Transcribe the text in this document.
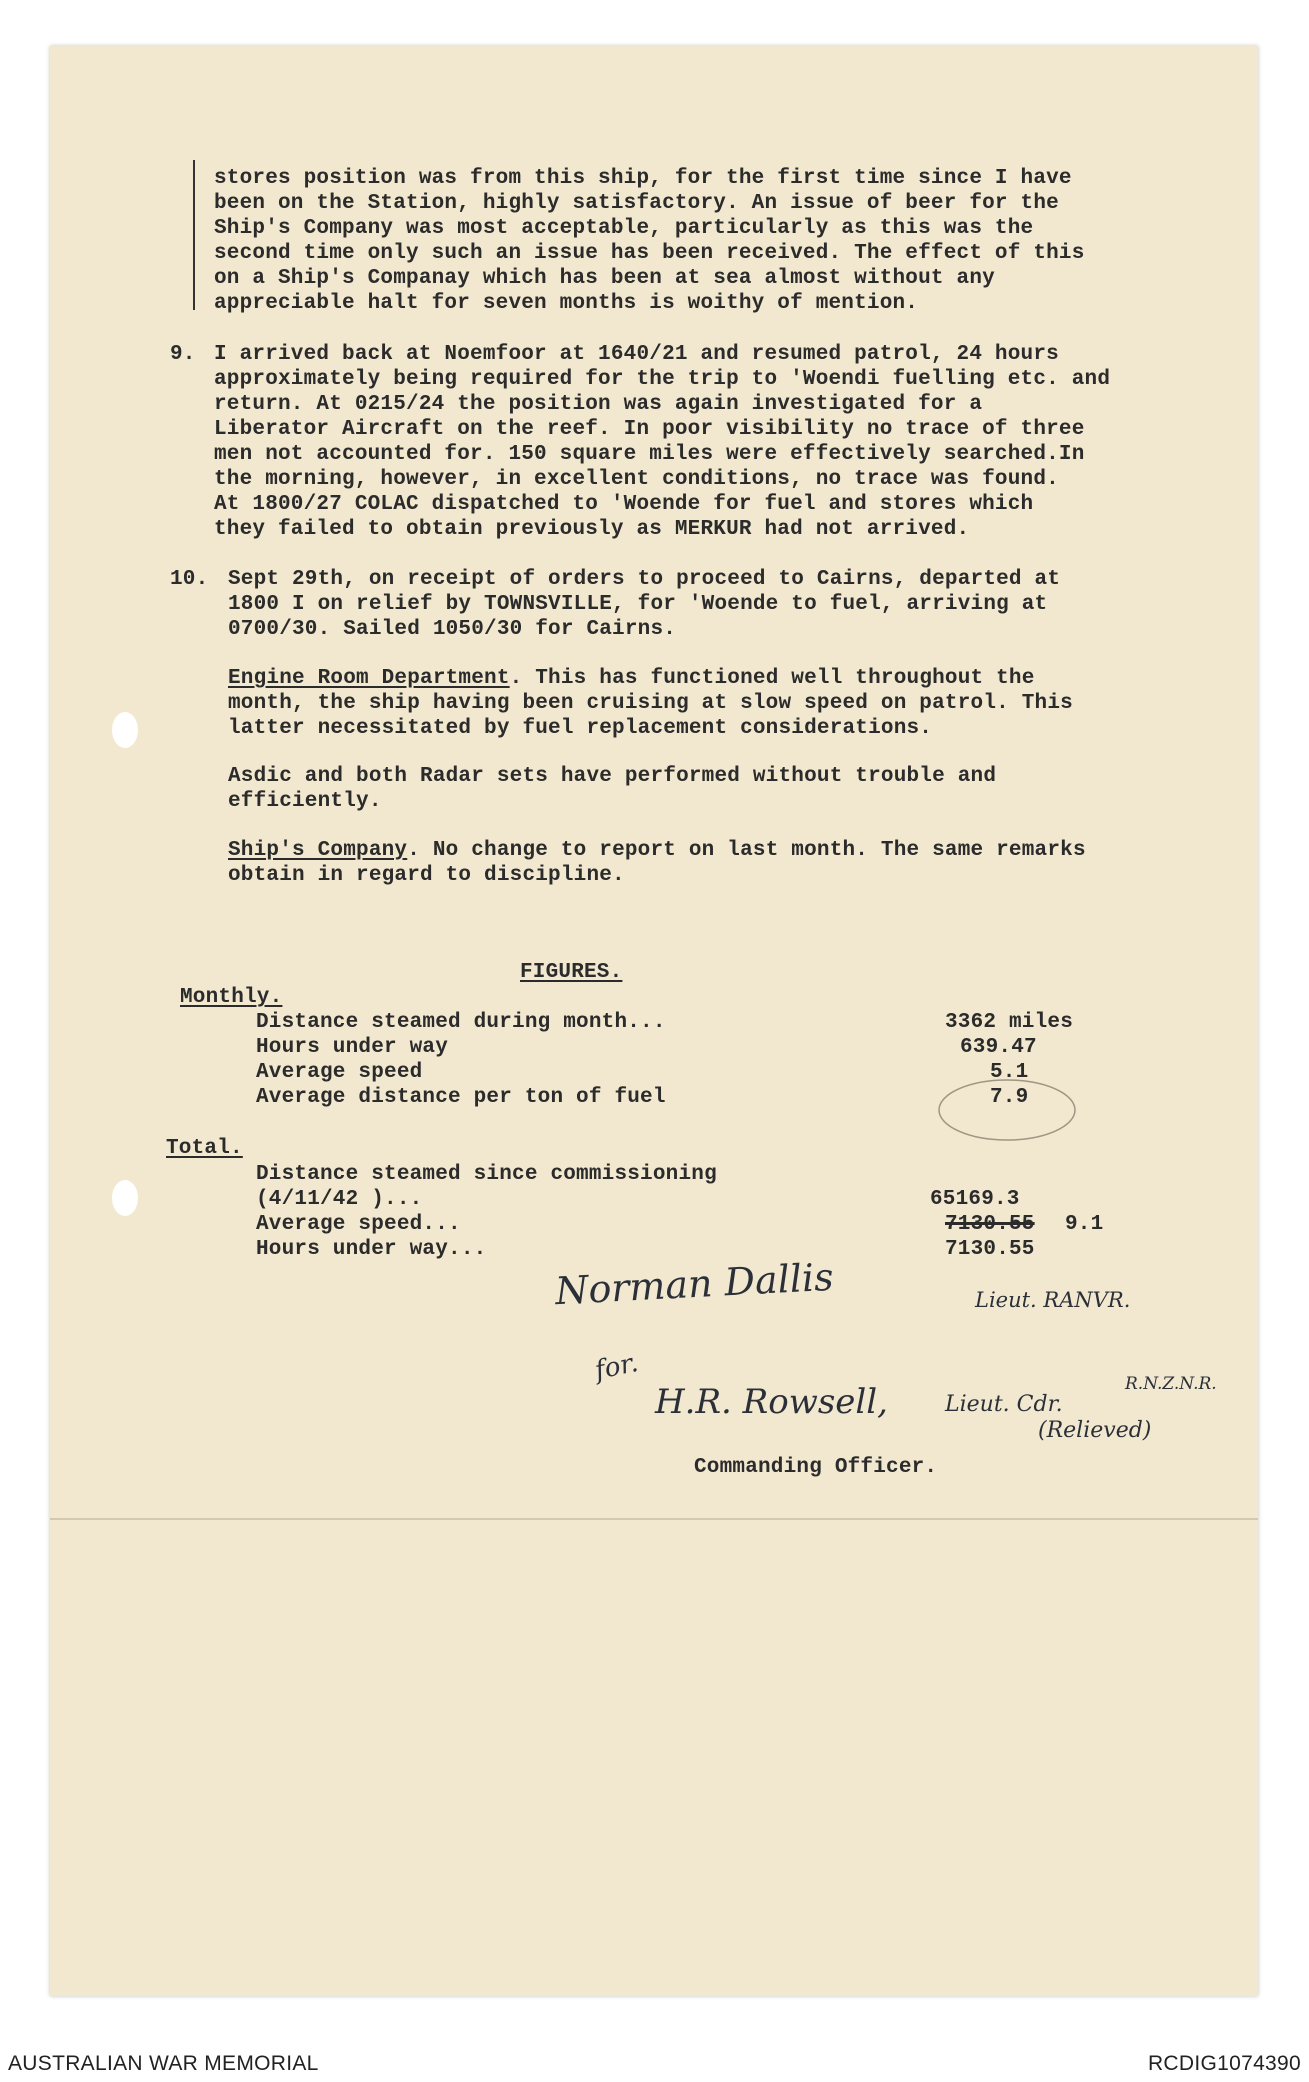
stores position was from this ship, for the first time since I have
been on the Station, highly satisfactory. An issue of beer for the
Ship's Company was most acceptable, particularly as this was the
second time only such an issue has been received. The effect of this
on a Ship's Companay which has been at sea almost without any
appreciable halt for seven months is woithy of mention.
9. I arrived back at Noemfoor at 1640/21 and resumed patrol, 24 hours
approximately being required for the trip to 'Woendi fuelling etc. and
return. At 0215/24 the position was again investigated for a
Liberator Aircraft on the reef. In poor visibility no trace of three
men not accounted for. 150 square miles were effectively searched.In
the morning, however, in excellent conditions, no trace was found.
At 1800/27 COLAC dispatched to 'Woende for fuel and stores which
they failed to obtain previously as MERKUR had not arrived.
10. Sept 29th, on receipt of orders to proceed to Cairns, departed at
1800 I on relief by TOWNSVILLE, for 'Woende to fuel, arriving at
0700/30. Sailed 1050/30 for Cairns.
Engine Room Department. This has functioned well throughout the
month, the ship having been cruising at slow speed on patrol. This
latter necessitated by fuel replacement considerations.
Asdic and both Radar sets have performed without trouble and
efficiently.
Ship's Company. No change to report on last month. The same remarks
obtain in regard to discipline.
FIGURES.
Monthly.
Distance steamed during month...	3362 miles
Hours under way	639.47
Average speed	5.1
Average distance per ton of fuel	7.9
Total.
Distance steamed since commissioning
(4/11/42 )...	65169.3
Average speed...	7130.55 9.1
Hours under way...	7130.55
Norman Dallis	Lieut. RANVR.
for.
H.R. Rowsell,	Lieut. Cdr.
R.N.Z.N.R.
(Relieved)
Commanding Officer.
AUSTRALIAN WAR MEMORIAL	RCDIG1074390
